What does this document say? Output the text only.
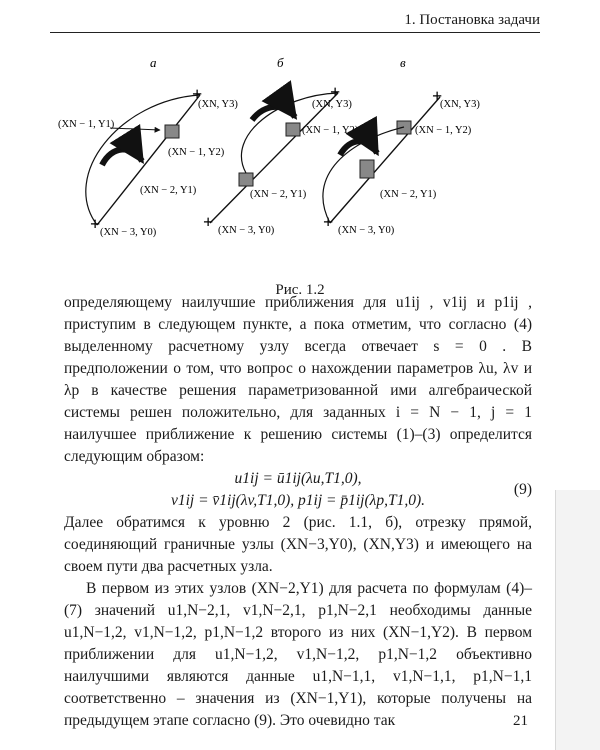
1. Постановка задачи
а
+
+
(XN, Y3)
(XN − 1, Y2)
(XN − 1, Y1)
(XN − 2, Y1)
(XN − 3, Y0)
б
+
+
(XN, Y3)
(XN − 1, Y2)
(XN − 2, Y1)
(XN − 3, Y0)
в
+
+
(XN, Y3)
(XN − 1, Y2)
(XN − 2, Y1)
(XN − 3, Y0)
Рис. 1.2

определяющему наилучшие приближения для u1ij , v1ij и p1ij , приступим в следующем пункте, а пока отметим, что согласно (4) выделенному расчетному узлу всегда отвечает s = 0 . В предположении о том, что вопрос о нахождении параметров λu, λv и λp в качестве решения параметризованной ими алгебраической системы решен положительно, для заданных i = N − 1, j = 1 наилучшее приближение к решению системы (1)–(3) определится следующим образом:

u1ij = ū1ij(λu,T1,0),
(9)
v1ij = v̄1ij(λv,T1,0), p1ij = p̄1ij(λp,T1,0).

Далее обратимся к уровню 2 (рис. 1.1, б), отрезку прямой, соединяющий граничные узлы (XN−3,Y0), (XN,Y3) и имеющего на своем пути два расчетных узла.

В первом из этих узлов (XN−2,Y1) для расчета по формулам (4)–(7) значений u1,N−2,1, v1,N−2,1, p1,N−2,1 необходимы данные u1,N−1,2, v1,N−1,2, p1,N−1,2 второго из них (XN−1,Y2). В первом приближении для u1,N−1,2, v1,N−1,2, p1,N−1,2 объективно наилучшими являются данные u1,N−1,1, v1,N−1,1, p1,N−1,1 соответственно – значения из (XN−1,Y1), которые получены на предыдущем этапе согласно (9). Это очевидно так	21
